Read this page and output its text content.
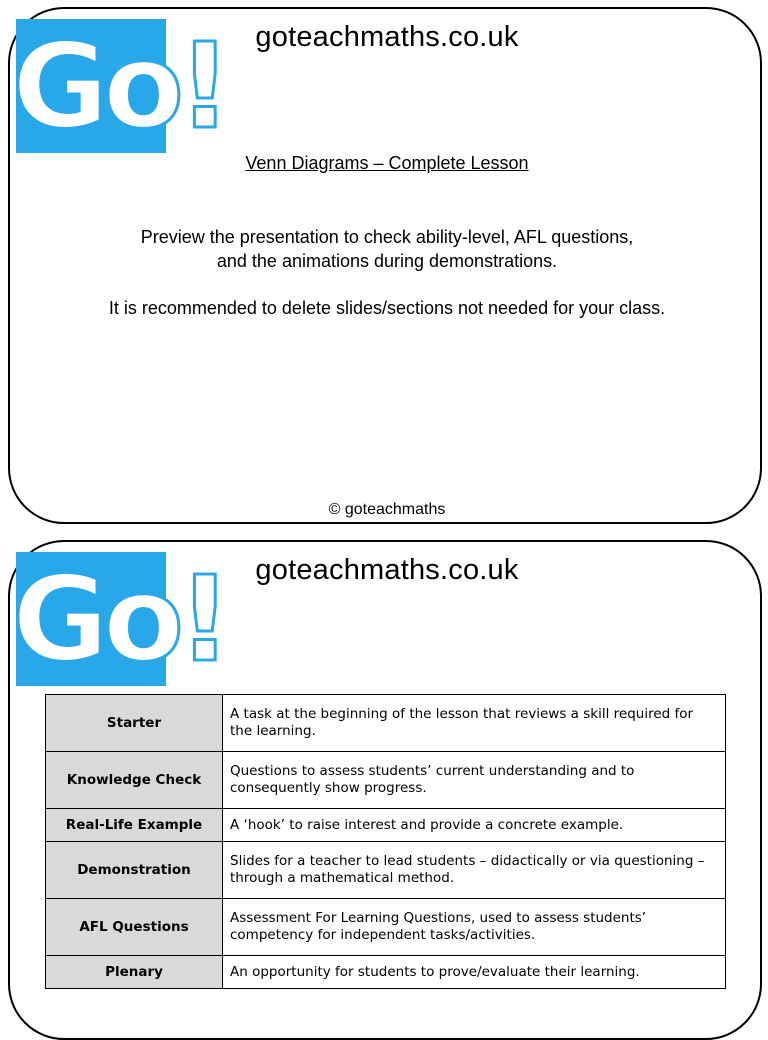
Go!	goteachmaths.co.uk
Venn Diagrams – Complete Lesson
Preview the presentation to check ability-level, AFL questions,
and the animations during demonstrations.
It is recommended to delete slides/sections not needed for your class.
© goteachmaths
Go!	goteachmaths.co.uk
Starter	A task at the beginning of the lesson that reviews a skill required for the learning.
Knowledge Check	Questions to assess students’ current understanding and to consequently show progress.
Real-Life Example	A ‘hook’ to raise interest and provide a concrete example.
Demonstration	Slides for a teacher to lead students – didactically or via questioning – through a mathematical method.
AFL Questions	Assessment For Learning Questions, used to assess students’ competency for independent tasks/activities.
Plenary	An opportunity for students to prove/evaluate their learning.
